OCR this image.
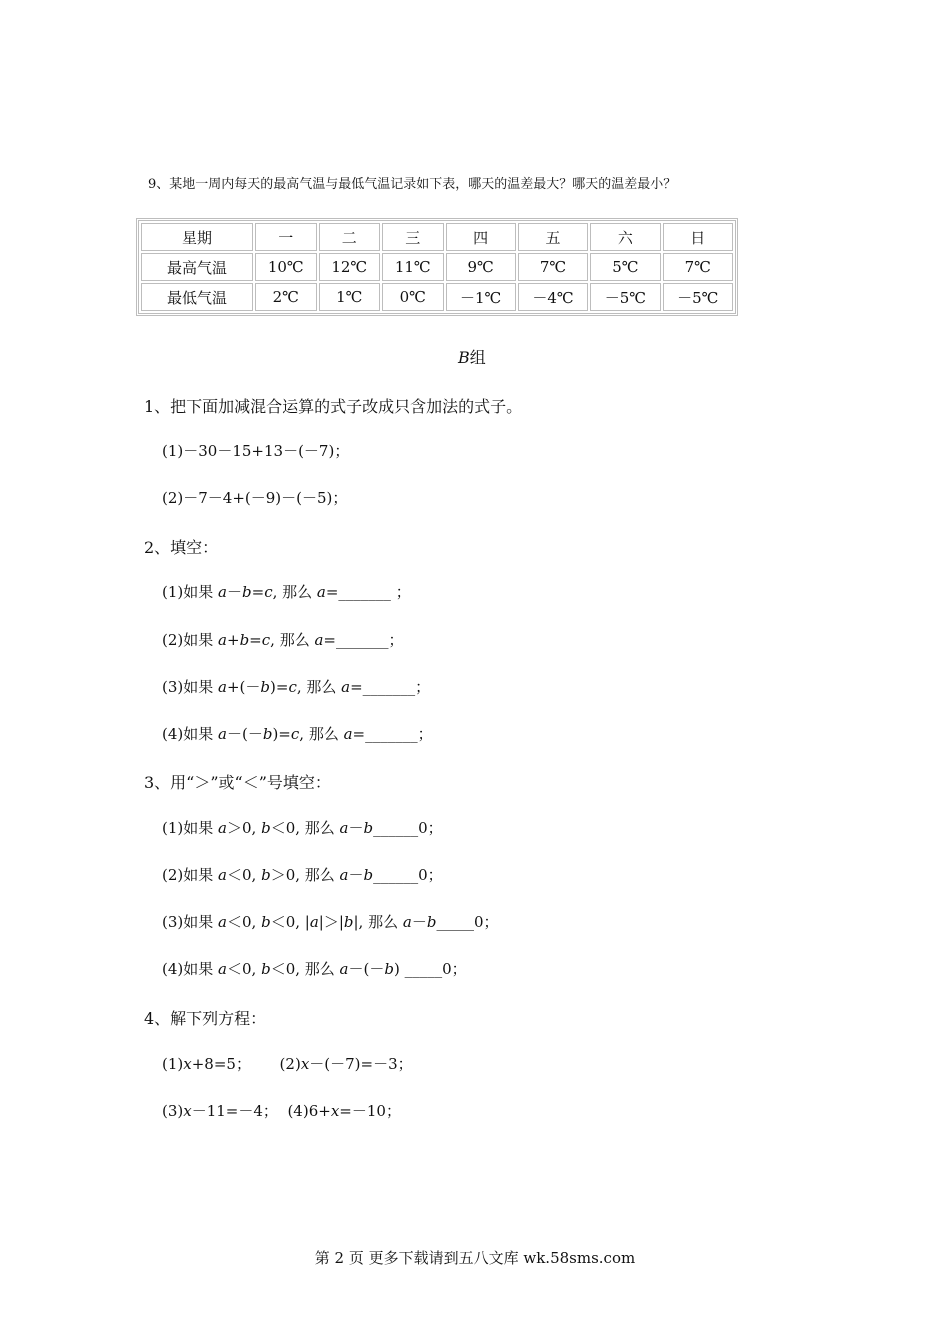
9、某地一周内每天的最高气温与最低气温记录如下表，哪天的温差最大？哪天的温差最小？
星期	一	二	三	四	五	六	日
最高气温	10℃	12℃	11℃	9℃	7℃	5℃	7℃
最低气温	2℃	1℃	0℃	－1℃	－4℃	－5℃	－5℃
B组
1、把下面加减混合运算的式子改成只含加法的式子。
(1)－30－15+13－(－7)；
(2)－7－4+(－9)－(－5)；
2、填空：
(1)如果 a－b=c, 那么 a=_______ ；
(2)如果 a+b=c, 那么 a=_______；
(3)如果 a+(－b)=c, 那么 a=_______；
(4)如果 a－(－b)=c, 那么 a=_______；
3、用“＞”或“＜”号填空：
(1)如果 a＞0, b＜0, 那么 a－b______0；
(2)如果 a＜0, b＞0, 那么 a－b______0；
(3)如果 a＜0, b＜0, |a|＞|b|, 那么 a－b_____0；
(4)如果 a＜0, b＜0, 那么 a－(－b) _____0；
4、解下列方程：
(1)x+8=5；      (2)x－(－7)=－3；
(3)x－11=－4；  (4)6+x=－10；
第 2 页 更多下载请到五八文库 wk.58sms.com
